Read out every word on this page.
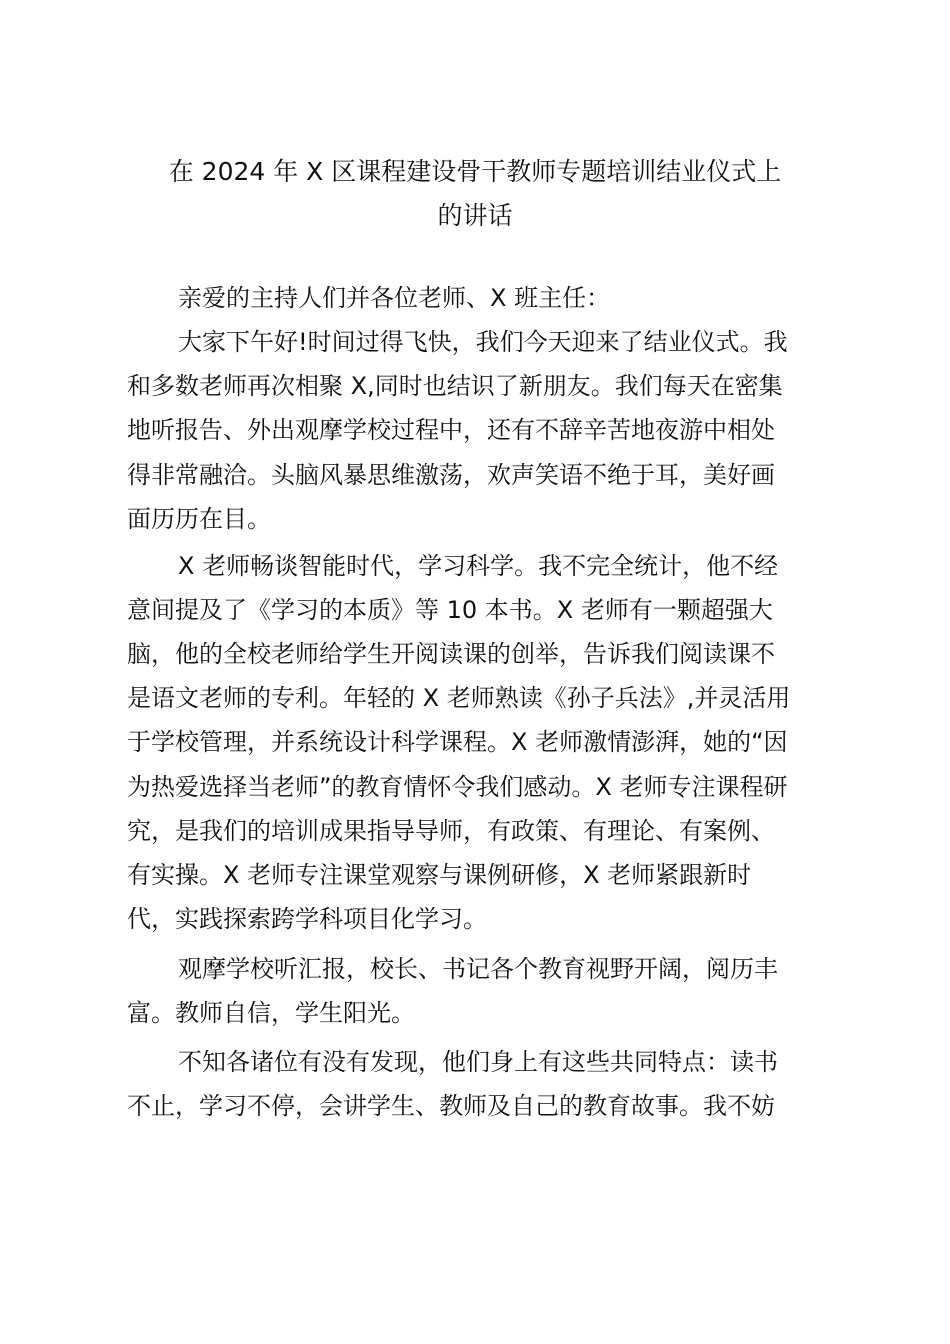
在 2024 年 X 区课程建设骨干教师专题培训结业仪式上
的讲话

亲爱的主持人们并各位老师、X 班主任：

大家下午好!时间过得飞快，我们今天迎来了结业仪式。我

和多数老师再次相聚 X,同时也结识了新朋友。我们每天在密集

地听报告、外出观摩学校过程中，还有不辞辛苦地夜游中相处

得非常融洽。头脑风暴思维激荡，欢声笑语不绝于耳，美好画

面历历在目。

X 老师畅谈智能时代，学习科学。我不完全统计，他不经

意间提及了《学习的本质》等 10 本书。X 老师有一颗超强大

脑，他的全校老师给学生开阅读课的创举，告诉我们阅读课不

是语文老师的专利。年轻的 X 老师熟读《孙子兵法》,并灵活用

于学校管理，并系统设计科学课程。X 老师激情澎湃，她的“因

为热爱选择当老师”的教育情怀令我们感动。X 老师专注课程研

究，是我们的培训成果指导导师，有政策、有理论、有案例、

有实操。X 老师专注课堂观察与课例研修，X 老师紧跟新时

代，实践探索跨学科项目化学习。

观摩学校听汇报，校长、书记各个教育视野开阔，阅历丰

富。教师自信，学生阳光。

不知各诸位有没有发现，他们身上有这些共同特点：读书

不止，学习不停，会讲学生、教师及自己的教育故事。我不妨
